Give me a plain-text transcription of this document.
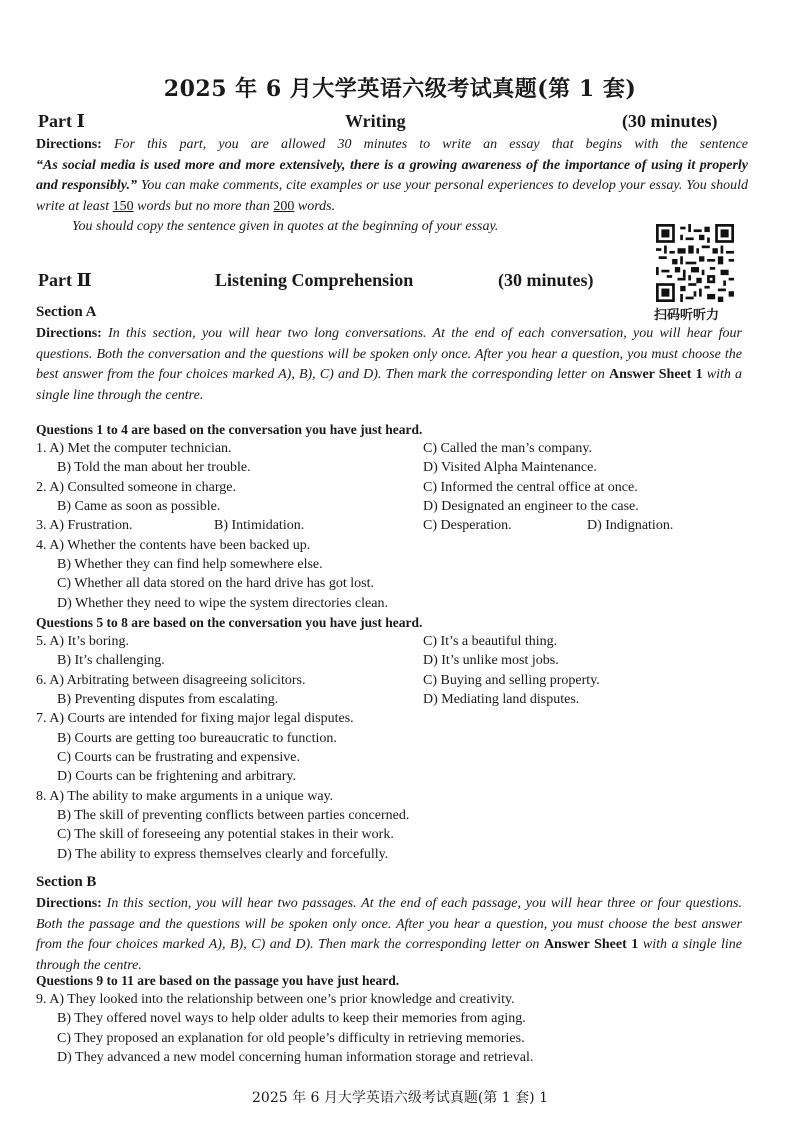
2025 年 6 月大学英语六级考试真题(第 1 套)
Part Ⅰ	Writing	(30 minutes)
Directions: For this part, you are allowed 30 minutes to write an essay that begins with the sentence
“As social media is used more and more extensively, there is a growing awareness of the importance of using it properly and responsibly.” You can make comments, cite examples or use your personal experiences to develop your essay. You should write at least 150 words but no more than 200 words.
You should copy the sentence given in quotes at the beginning of your essay.
扫码听听力
Part Ⅱ	Listening Comprehension	(30 minutes)
Section A
Directions: In this section, you will hear two long conversations. At the end of each conversation, you will hear four questions. Both the conversation and the questions will be spoken only once. After you hear a question, you must choose the best answer from the four choices marked A), B), C) and D). Then mark the corresponding letter on Answer Sheet 1 with a single line through the centre.
Questions 1 to 4 are based on the conversation you have just heard.
1. A) Met the computer technician.	C) Called the man’s company.
B) Told the man about her trouble.	D) Visited Alpha Maintenance.
2. A) Consulted someone in charge.	C) Informed the central office at once.
B) Came as soon as possible.	D) Designated an engineer to the case.
3. A) Frustration.	B) Intimidation.	C) Desperation.	D) Indignation.
4. A) Whether the contents have been backed up.
B) Whether they can find help somewhere else.
C) Whether all data stored on the hard drive has got lost.
D) Whether they need to wipe the system directories clean.
Questions 5 to 8 are based on the conversation you have just heard.
5. A) It’s boring.	C) It’s a beautiful thing.
B) It’s challenging.	D) It’s unlike most jobs.
6. A) Arbitrating between disagreeing solicitors.	C) Buying and selling property.
B) Preventing disputes from escalating.	D) Mediating land disputes.
7. A) Courts are intended for fixing major legal disputes.
B) Courts are getting too bureaucratic to function.
C) Courts can be frustrating and expensive.
D) Courts can be frightening and arbitrary.
8. A) The ability to make arguments in a unique way.
B) The skill of preventing conflicts between parties concerned.
C) The skill of foreseeing any potential stakes in their work.
D) The ability to express themselves clearly and forcefully.
Section B
Directions: In this section, you will hear two passages. At the end of each passage, you will hear three or four questions. Both the passage and the questions will be spoken only once. After you hear a question, you must choose the best answer from the four choices marked A), B), C) and D). Then mark the corresponding letter on Answer Sheet 1 with a single line through the centre.
Questions 9 to 11 are based on the passage you have just heard.
9. A) They looked into the relationship between one’s prior knowledge and creativity.
B) They offered novel ways to help older adults to keep their memories from aging.
C) They proposed an explanation for old people’s difficulty in retrieving memories.
D) They advanced a new model concerning human information storage and retrieval.
2025 年 6 月大学英语六级考试真题(第 1 套) 1
